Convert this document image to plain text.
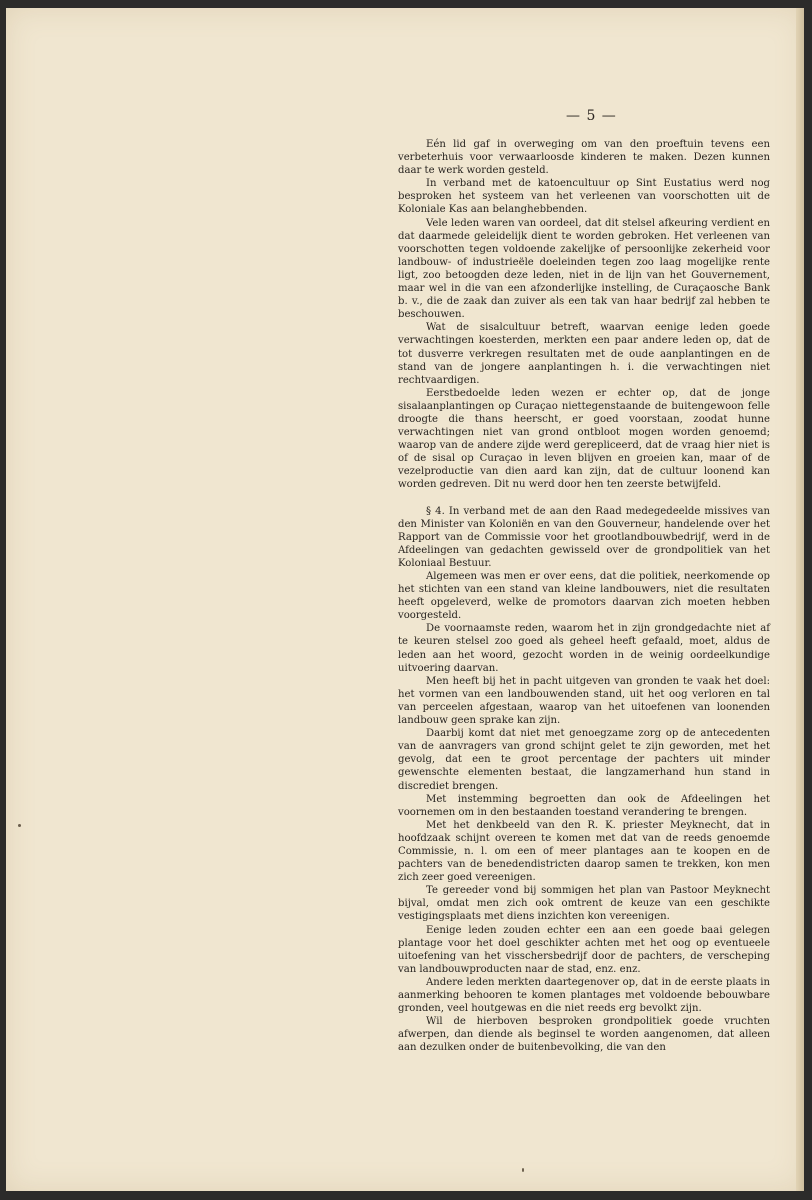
— 5 —

Eén lid gaf in overweging om van den proeftuin tevens een verbeterhuis voor verwaarloosde kinderen te maken. Dezen kunnen daar te werk worden gesteld.

In verband met de katoencultuur op Sint Eustatius werd nog besproken het systeem van het verleenen van voorschotten uit de Koloniale Kas aan belanghebbenden.

Vele leden waren van oordeel, dat dit stelsel afkeuring verdient en dat daarmede geleidelijk dient te worden gebroken. Het verleenen van voorschotten tegen voldoende zakelijke of persoonlijke zekerheid voor landbouw- of industrieële doeleinden tegen zoo laag mogelijke rente ligt, zoo betoogden deze leden, niet in de lijn van het Gouvernement, maar wel in die van een afzonderlijke instelling, de Curaçaosche Bank b. v., die de zaak dan zuiver als een tak van haar bedrijf zal hebben te beschouwen.

Wat de sisalcultuur betreft, waarvan eenige leden goede verwachtingen koesterden, merkten een paar andere leden op, dat de tot dusverre verkregen resultaten met de oude aanplantingen en de stand van de jongere aanplantingen h. i. die verwachtingen niet rechtvaardigen.

Eerstbedoelde leden wezen er echter op, dat de jonge sisalaanplantingen op Curaçao niettegenstaande de buitengewoon felle droogte die thans heerscht, er goed voorstaan, zoodat hunne verwachtingen niet van grond ontbloot mogen worden genoemd; waarop van de andere zijde werd gerepliceerd, dat de vraag hier niet is of de sisal op Curaçao in leven blijven en groeien kan, maar of de vezelproductie van dien aard kan zijn, dat de cultuur loonend kan worden gedreven. Dit nu werd door hen ten zeerste betwijfeld.

§ 4. In verband met de aan den Raad medegedeelde missives van den Minister van Koloniën en van den Gouverneur, handelende over het Rapport van de Commissie voor het grootlandbouwbedrijf, werd in de Afdeelingen van gedachten gewisseld over de grondpolitiek van het Koloniaal Bestuur.

Algemeen was men er over eens, dat die politiek, neerkomende op het stichten van een stand van kleine landbouwers, niet die resultaten heeft opgeleverd, welke de promotors daarvan zich moeten hebben voorgesteld.

De voornaamste reden, waarom het in zijn grondgedachte niet af te keuren stelsel zoo goed als geheel heeft gefaald, moet, aldus de leden aan het woord, gezocht worden in de weinig oordeelkundige uitvoering daarvan.

Men heeft bij het in pacht uitgeven van gronden te vaak het doel: het vormen van een landbouwenden stand, uit het oog verloren en tal van perceelen afgestaan, waarop van het uitoefenen van loonenden landbouw geen sprake kan zijn.

Daarbij komt dat niet met genoegzame zorg op de antecedenten van de aanvragers van grond schijnt gelet te zijn geworden, met het gevolg, dat een te groot percentage der pachters uit minder gewenschte elementen bestaat, die langzamerhand hun stand in discrediet brengen.

Met instemming begroetten dan ook de Afdeelingen het voornemen om in den bestaanden toestand verandering te brengen.

Met het denkbeeld van den R. K. priester Meyknecht, dat in hoofdzaak schijnt overeen te komen met dat van de reeds genoemde Commissie, n. l. om een of meer plantages aan te koopen en de pachters van de benedendistricten daarop samen te trekken, kon men zich zeer goed vereenigen.

Te gereeder vond bij sommigen het plan van Pastoor Meyknecht bijval, omdat men zich ook omtrent de keuze van een geschikte vestigingsplaats met diens inzichten kon vereenigen.

Eenige leden zouden echter een aan een goede baai gelegen plantage voor het doel geschikter achten met het oog op eventueele uitoefening van het visschersbedrijf door de pachters, de verscheping van landbouwproducten naar de stad, enz. enz.

Andere leden merkten daartegenover op, dat in de eerste plaats in aanmerking behooren te komen plantages met voldoende bebouwbare gronden, veel houtgewas en die niet reeds erg bevolkt zijn.

Wil de hierboven besproken grondpolitiek goede vruchten afwerpen, dan diende als beginsel te worden aangenomen, dat alleen aan dezulken onder de buitenbevolking, die van den
